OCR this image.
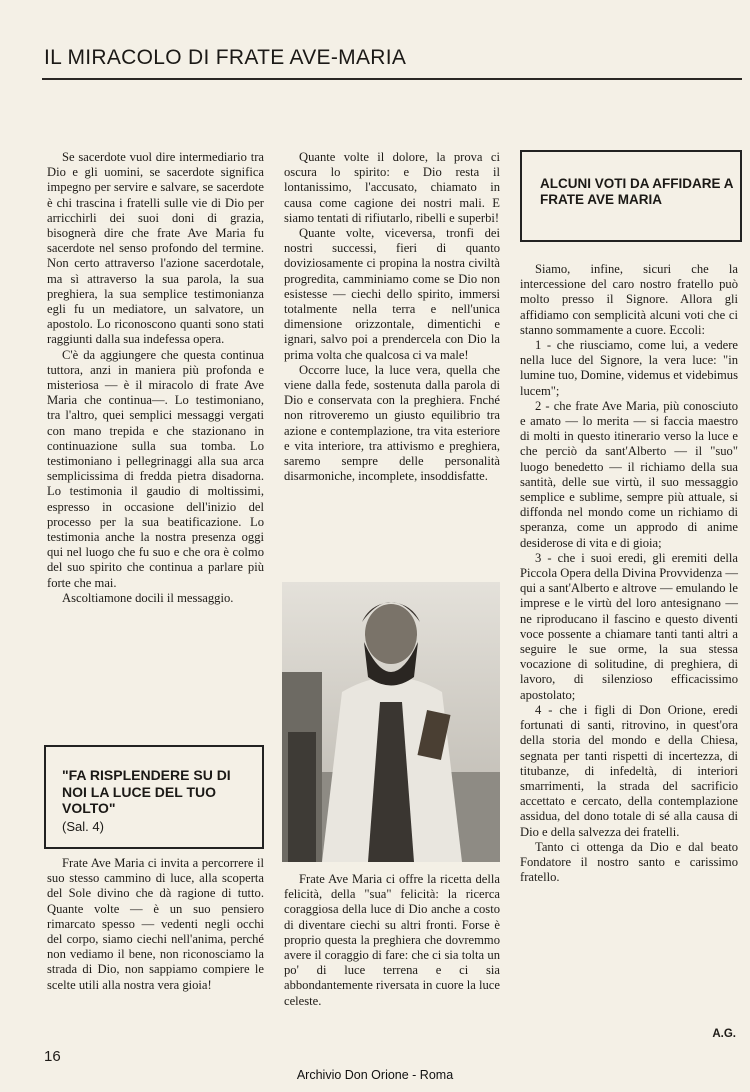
IL MIRACOLO DI FRATE AVE-MARIA

Se sacerdote vuol dire intermediario tra Dio e gli uomini, se sacerdote significa impegno per servire e salvare, se sacerdote è chi trascina i fratelli sulle vie di Dio per arricchirli dei suoi doni di grazia, bisognerà dire che frate Ave Maria fu sacerdote nel senso profondo del termine. Non certo attraverso l'azione sacerdotale, ma sì attraverso la sua parola, la sua preghiera, la sua semplice testimonianza egli fu un mediatore, un salvatore, un apostolo. Lo riconoscono quanti sono stati raggiunti dalla sua indefessa opera.

C'è da aggiungere che questa continua tuttora, anzi in maniera più profonda e misteriosa — è il miracolo di frate Ave Maria che continua—. Lo testimoniano, tra l'altro, quei semplici messaggi vergati con mano trepida e che stazionano in continuazione sulla sua tomba. Lo testimoniano i pellegrinaggi alla sua arca semplicissima di fredda pietra disadorna. Lo testimonia il gaudio di moltissimi, espresso in occasione dell'inizio del processo per la sua beatificazione. Lo testimonia anche la nostra presenza oggi qui nel luogo che fu suo e che ora è colmo del suo spirito che continua a parlare più forte che mai.

Ascoltiamone docili il messaggio.

"FA RISPLENDERE SU DI NOI LA LUCE DEL TUO VOLTO"
(Sal. 4)

Quante volte il dolore, la prova ci oscura lo spirito: e Dio resta il lontanissimo, l'accusato, chiamato in causa come cagione dei nostri mali. E siamo tentati di rifiutarlo, ribelli e superbi!

Quante volte, viceversa, tronfi dei nostri successi, fieri di quanto doviziosamente ci propina la nostra civiltà progredita, camminiamo come se Dio non esistesse — ciechi dello spirito, immersi totalmente nella terra e nell'unica dimensione orizzontale, dimentichi e ignari, salvo poi a prendercela con Dio la prima volta che qualcosa ci va male!

Occorre luce, la luce vera, quella che viene dalla fede, sostenuta dalla parola di Dio e conservata con la preghiera. Fnché non ritroveremo un giusto equilibrio tra azione e contemplazione, tra vita esteriore e vita interiore, tra attivismo e preghiera, saremo sempre delle personalità disarmoniche, incomplete, insoddisfatte.

Frate Ave Maria ci offre la ricetta della felicità, della "sua" felicità: la ricerca coraggiosa della luce di Dio anche a costo di diventare ciechi su altri fronti. Forse è proprio questa la preghiera che dovremmo avere il coraggio di fare: che ci sia tolta un po' di luce terrena e ci sia abbondantemente riversata in cuore la luce celeste.

ALCUNI VOTI DA AFFIDARE A FRATE AVE MARIA

Siamo, infine, sicuri che la intercessione del caro nostro fratello può molto presso il Signore. Allora gli affidiamo con semplicità alcuni voti che ci stanno sommamente a cuore. Eccoli:

1 - che riusciamo, come lui, a vedere nella luce del Signore, la vera luce: "in lumine tuo, Domine, videmus et videbimus lucem";

2 - che frate Ave Maria, più conosciuto e amato — lo merita — si faccia maestro di molti in questo itinerario verso la luce e che perciò da sant'Alberto — il "suo" luogo benedetto — il richiamo della sua santità, delle sue virtù, il suo messaggio semplice e sublime, sempre più attuale, si diffonda nel mondo come un richiamo di speranza, come un approdo di anime desiderose di vita e di gioia;

3 - che i suoi eredi, gli eremiti della Piccola Opera della Divina Provvidenza — qui a sant'Alberto e altrove — emulando le imprese e le virtù del loro antesignano — ne riproducano il fascino e questo diventi voce possente a chiamare tanti tanti altri a seguire le sue orme, la sua stessa vocazione di solitudine, di preghiera, di lavoro, di silenzioso efficacissimo apostolato;

4 - che i figli di Don Orione, eredi fortunati di santi, ritrovino, in quest'ora della storia del mondo e della Chiesa, segnata per tanti rispetti di incertezza, di titubanze, di infedeltà, di interiori smarrimenti, la strada del sacrificio accettato e cercato, della contemplazione assidua, del dono totale di sé alla causa di Dio e della salvezza dei fratelli.

Tanto ci ottenga da Dio e dal beato Fondatore il nostro santo e carissimo fratello.

A.G.
16
Archivio Don Orione - Roma

Frate Ave Maria ci invita a percorrere il suo stesso cammino di luce, alla scoperta del Sole divino che dà ragione di tutto. Quante volte — è un suo pensiero rimarcato spesso — vedenti negli occhi del corpo, siamo ciechi nell'anima, perché non vediamo il bene, non riconosciamo la strada di Dio, non sappiamo compiere le scelte utili alla nostra vera gioia!
